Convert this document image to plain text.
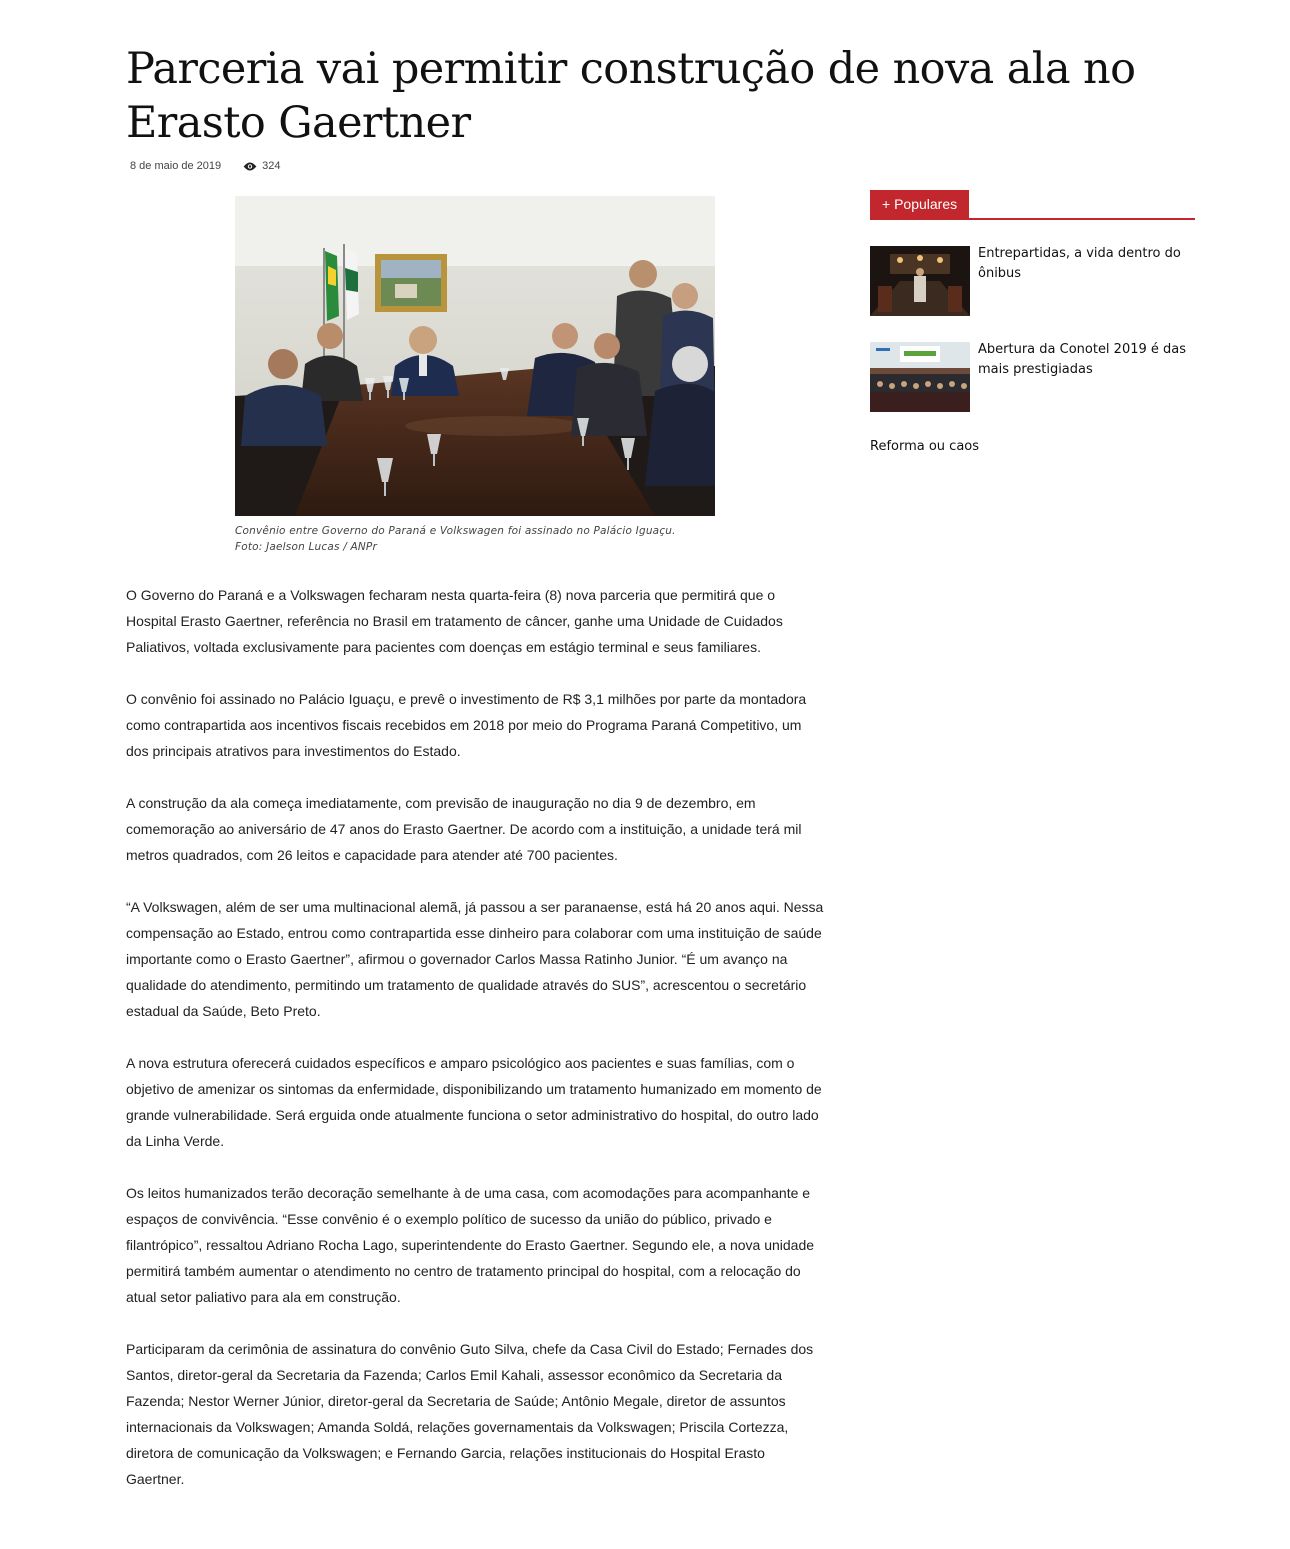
Parceria vai permitir construção de nova ala no Erasto Gaertner
8 de maio de 2019	324
Convênio entre Governo do Paraná e Volkswagen foi assinado no Palácio Iguaçu.
Foto: Jaelson Lucas / ANPr

O Governo do Paraná e a Volkswagen fecharam nesta quarta-feira (8) nova parceria que permitirá que o Hospital Erasto Gaertner, referência no Brasil em tratamento de câncer, ganhe uma Unidade de Cuidados Paliativos, voltada exclusivamente para pacientes com doenças em estágio terminal e seus familiares.

O convênio foi assinado no Palácio Iguaçu, e prevê o investimento de R$ 3,1 milhões por parte da montadora como contrapartida aos incentivos fiscais recebidos em 2018 por meio do Programa Paraná Competitivo, um dos principais atrativos para investimentos do Estado.

A construção da ala começa imediatamente, com previsão de inauguração no dia 9 de dezembro, em comemoração ao aniversário de 47 anos do Erasto Gaertner. De acordo com a instituição, a unidade terá mil metros quadrados, com 26 leitos e capacidade para atender até 700 pacientes.

“A Volkswagen, além de ser uma multinacional alemã, já passou a ser paranaense, está há 20 anos aqui. Nessa compensação ao Estado, entrou como contrapartida esse dinheiro para colaborar com uma instituição de saúde importante como o Erasto Gaertner”, afirmou o governador Carlos Massa Ratinho Junior. “É um avanço na qualidade do atendimento, permitindo um tratamento de qualidade através do SUS”, acrescentou o secretário estadual da Saúde, Beto Preto.

A nova estrutura oferecerá cuidados específicos e amparo psicológico aos pacientes e suas famílias, com o objetivo de amenizar os sintomas da enfermidade, disponibilizando um tratamento humanizado em momento de grande vulnerabilidade. Será erguida onde atualmente funciona o setor administrativo do hospital, do outro lado da Linha Verde.

Os leitos humanizados terão decoração semelhante à de uma casa, com acomodações para acompanhante e espaços de convivência. “Esse convênio é o exemplo político de sucesso da união do público, privado e filantrópico”, ressaltou Adriano Rocha Lago, superintendente do Erasto Gaertner. Segundo ele, a nova unidade permitirá também aumentar o atendimento no centro de tratamento principal do hospital, com a relocação do atual setor paliativo para ala em construção.

Participaram da cerimônia de assinatura do convênio Guto Silva, chefe da Casa Civil do Estado; Fernades dos Santos, diretor-geral da Secretaria da Fazenda; Carlos Emil Kahali, assessor econômico da Secretaria da Fazenda; Nestor Werner Júnior, diretor-geral da Secretaria de Saúde; Antônio Megale, diretor de assuntos internacionais da Volkswagen; Amanda Soldá, relações governamentais da Volkswagen; Priscila Cortezza, diretora de comunicação da Volkswagen; e Fernando Garcia, relações institucionais do Hospital Erasto Gaertner.

+ Populares
Entrepartidas, a vida dentro do ônibus
Abertura da Conotel 2019 é das mais prestigiadas
Reforma ou caos
